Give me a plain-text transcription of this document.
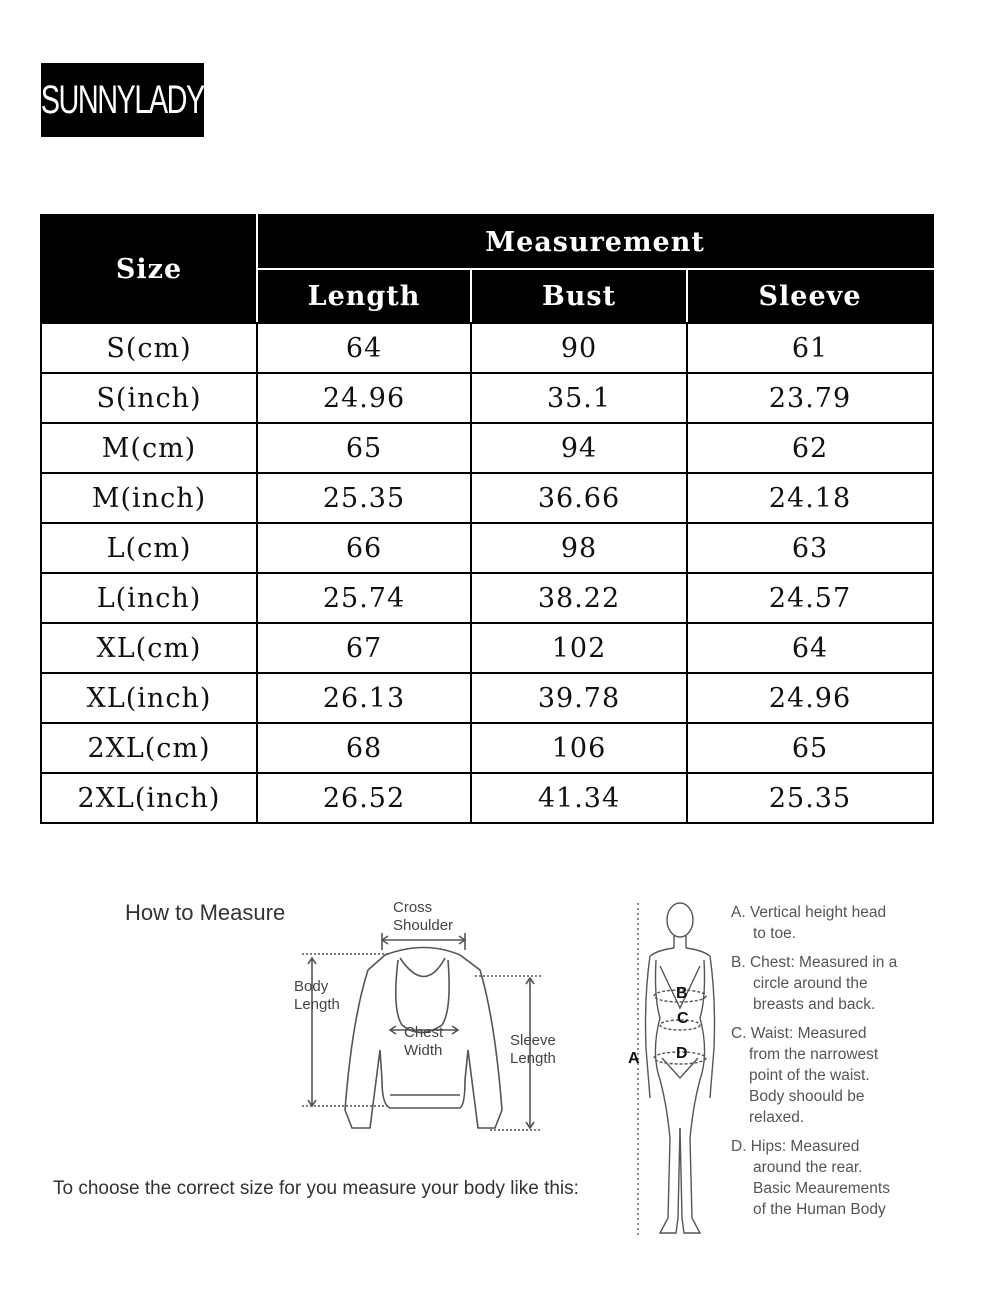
SUNNYLADY
Size	Measurement		
	Length	Bust	Sleeve
S(cm)	64	90	61
S(inch)	24.96	35.1	23.79
M(cm)	65	94	62
M(inch)	25.35	36.66	24.18
L(cm)	66	98	63
L(inch)	25.74	38.22	24.57
XL(cm)	67	102	64
XL(inch)	26.13	39.78	24.96
2XL(cm)	68	106	65
2XL(inch)	26.52	41.34	25.35
How to Measure	Cross
Shoulder
Body
Length
Chest
Width
Sleeve
Length
To choose the correct size for you measure your body like this:
A
B
C
D
A. Vertical height head
to toe.
B. Chest: Measured in a
circle around the
breasts and back.
C. Waist: Measured
from the narrowest
point of the waist.
Body shoould be
relaxed.
D. Hips: Measured
around the rear.
Basic Meaurements
of the Human Body
